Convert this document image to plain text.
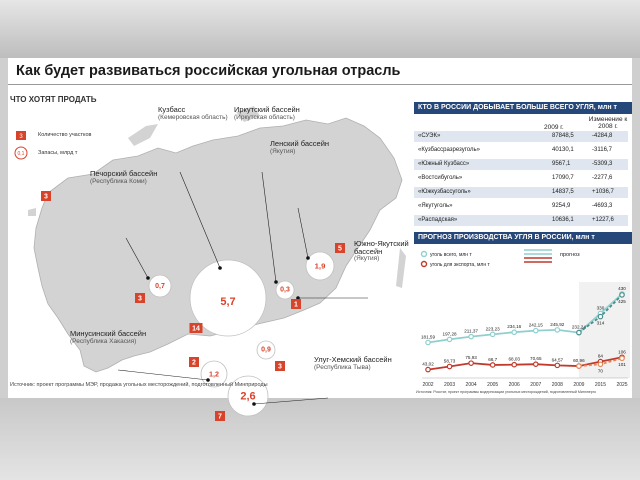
Как будет развиваться российская угольная отрасль
ЧТО ХОТЯТ ПРОДАТЬ
5,7
1,9
0,7
0,3
0,9
1,2
2,6
3
5
3
1
14
2
3
7
Кузбасс
(Кемеровская область)
Иркутский бассейн
(Иркутская область)
Ленский бассейн
(Якутия)
Печорский бассейн
(Республика Коми)
Южно-Якутский бассейн
(Якутия)
Минусинский бассейн
(Республика Хакасия)
Улуг-Хемский бассейн
(Республика Тыва)
3
0,1
Количество участков
Запасы, млрд т
Источник: проект программы МЭР, продажа угольных месторождений, подготовленный Минприроды
КТО В РОССИИ ДОБЫВАЕТ БОЛЬШЕ ВСЕГО УГЛЯ, млн т
2009 г.
Изменение к 2008 г.
«СУЭК»	87848,5	-4284,8
«Кузбассразрезуголь»	40130,1	-3116,7
«Южный Кузбасс»	9567,1	-5309,3
«Востсибуголь»	17090,7	-2277,6
«Южкузбассуголь»	14837,5	+1036,7
«Якутуголь»	9254,9	-4693,3
«Распадская»	10636,1	+1227,6
ПРОГНОЗ ПРОИЗВОДСТВА УГЛЯ В РОССИИ, млн т
уголь всего, млн т
уголь для экспорта, млн т
прогноз
181,59
197,28
211,37 223,23 234,16 242,15 245,92
232,24
330
430
314
425
43,02
58,73
75,93 66,7 68,03 70,65 64,57 60,96
84
106
70
101
2002 2003 2004 2005 2006 2007 2008 2009 2015 2025
Источник: Росстат, проект программы модернизации угольных месторождений, подготовленный Минэнерго
